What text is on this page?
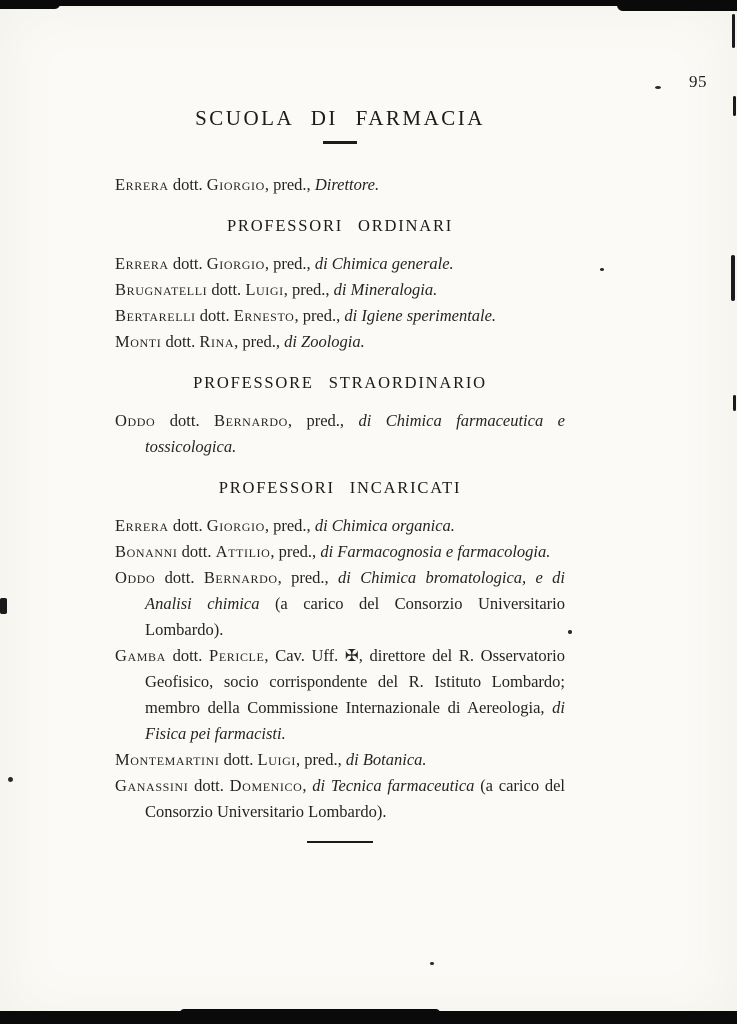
95
SCUOLA DI FARMACIA

Errera dott. Giorgio, pred., Direttore.

PROFESSORI ORDINARI

Errera dott. Giorgio, pred., di Chimica generale.

Brugnatelli dott. Luigi, pred., di Mineralogia.

Bertarelli dott. Ernesto, pred., di Igiene sperimentale.

Monti dott. Rina, pred., di Zoologia.

PROFESSORE STRAORDINARIO

Oddo dott. Bernardo, pred., di Chimica farmaceutica e tossicologica.

PROFESSORI INCARICATI

Errera dott. Giorgio, pred., di Chimica organica.

Bonanni dott. Attilio, pred., di Farmacognosia e farmacologia.

Oddo dott. Bernardo, pred., di Chimica bromatologica, e di Analisi chimica (a carico del Consorzio Universitario Lombardo).

Gamba dott. Pericle, Cav. Uff. ✠, direttore del R. Osservatorio Geofisico, socio corrispondente del R. Istituto Lombardo; membro della Commissione Internazionale di Aereologia, di Fisica pei farmacisti.

Montemartini dott. Luigi, pred., di Botanica.

Ganassini dott. Domenico, di Tecnica farmaceutica (a carico del Consorzio Universitario Lombardo).
